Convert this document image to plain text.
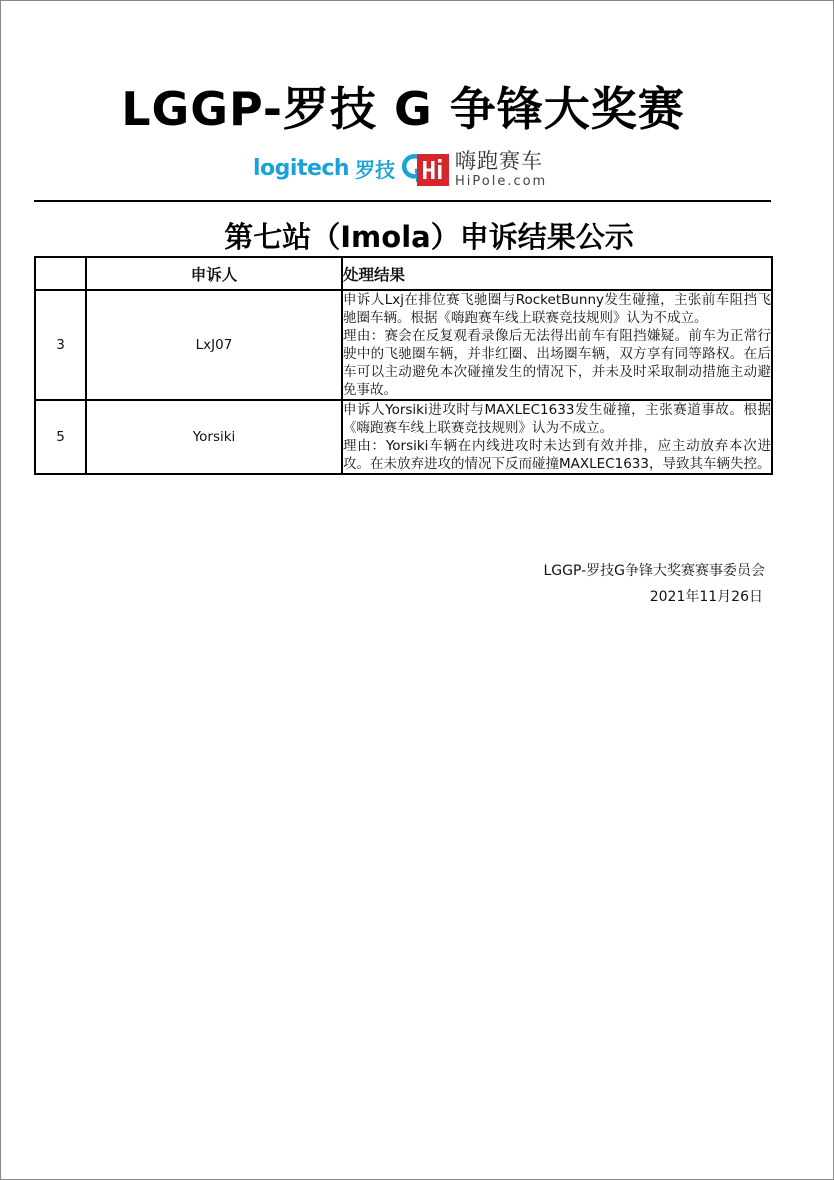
LGGP-罗技 G 争锋大奖赛
logitech 罗技	嗨跑赛车
HiPole.com
第七站（Imola）申诉结果公示
	申诉人	处理结果
3	LxJ07	申诉人Lxj在排位赛飞驰圈与RocketBunny发生碰撞，主张前车阻挡飞驰圈车辆。根据《嗨跑赛车线上联赛竞技规则》认为不成立。

理由：赛会在反复观看录像后无法得出前车有阻挡嫌疑。前车为正常行驶中的飞驰圈车辆，并非红圈、出场圈车辆，双方享有同等路权。在后车可以主动避免本次碰撞发生的情况下，并未及时采取制动措施主动避免事故。

5	Yorsiki	申诉人Yorsiki进攻时与MAXLEC1633发生碰撞，主张赛道事故。根据《嗨跑赛车线上联赛竞技规则》认为不成立。

理由：Yorsiki车辆在内线进攻时未达到有效并排，应主动放弃本次进攻。在未放弃进攻的情况下反而碰撞MAXLEC1633，导致其车辆失控。

LGGP-罗技G争锋大奖赛赛事委员会
2021年11月26日
